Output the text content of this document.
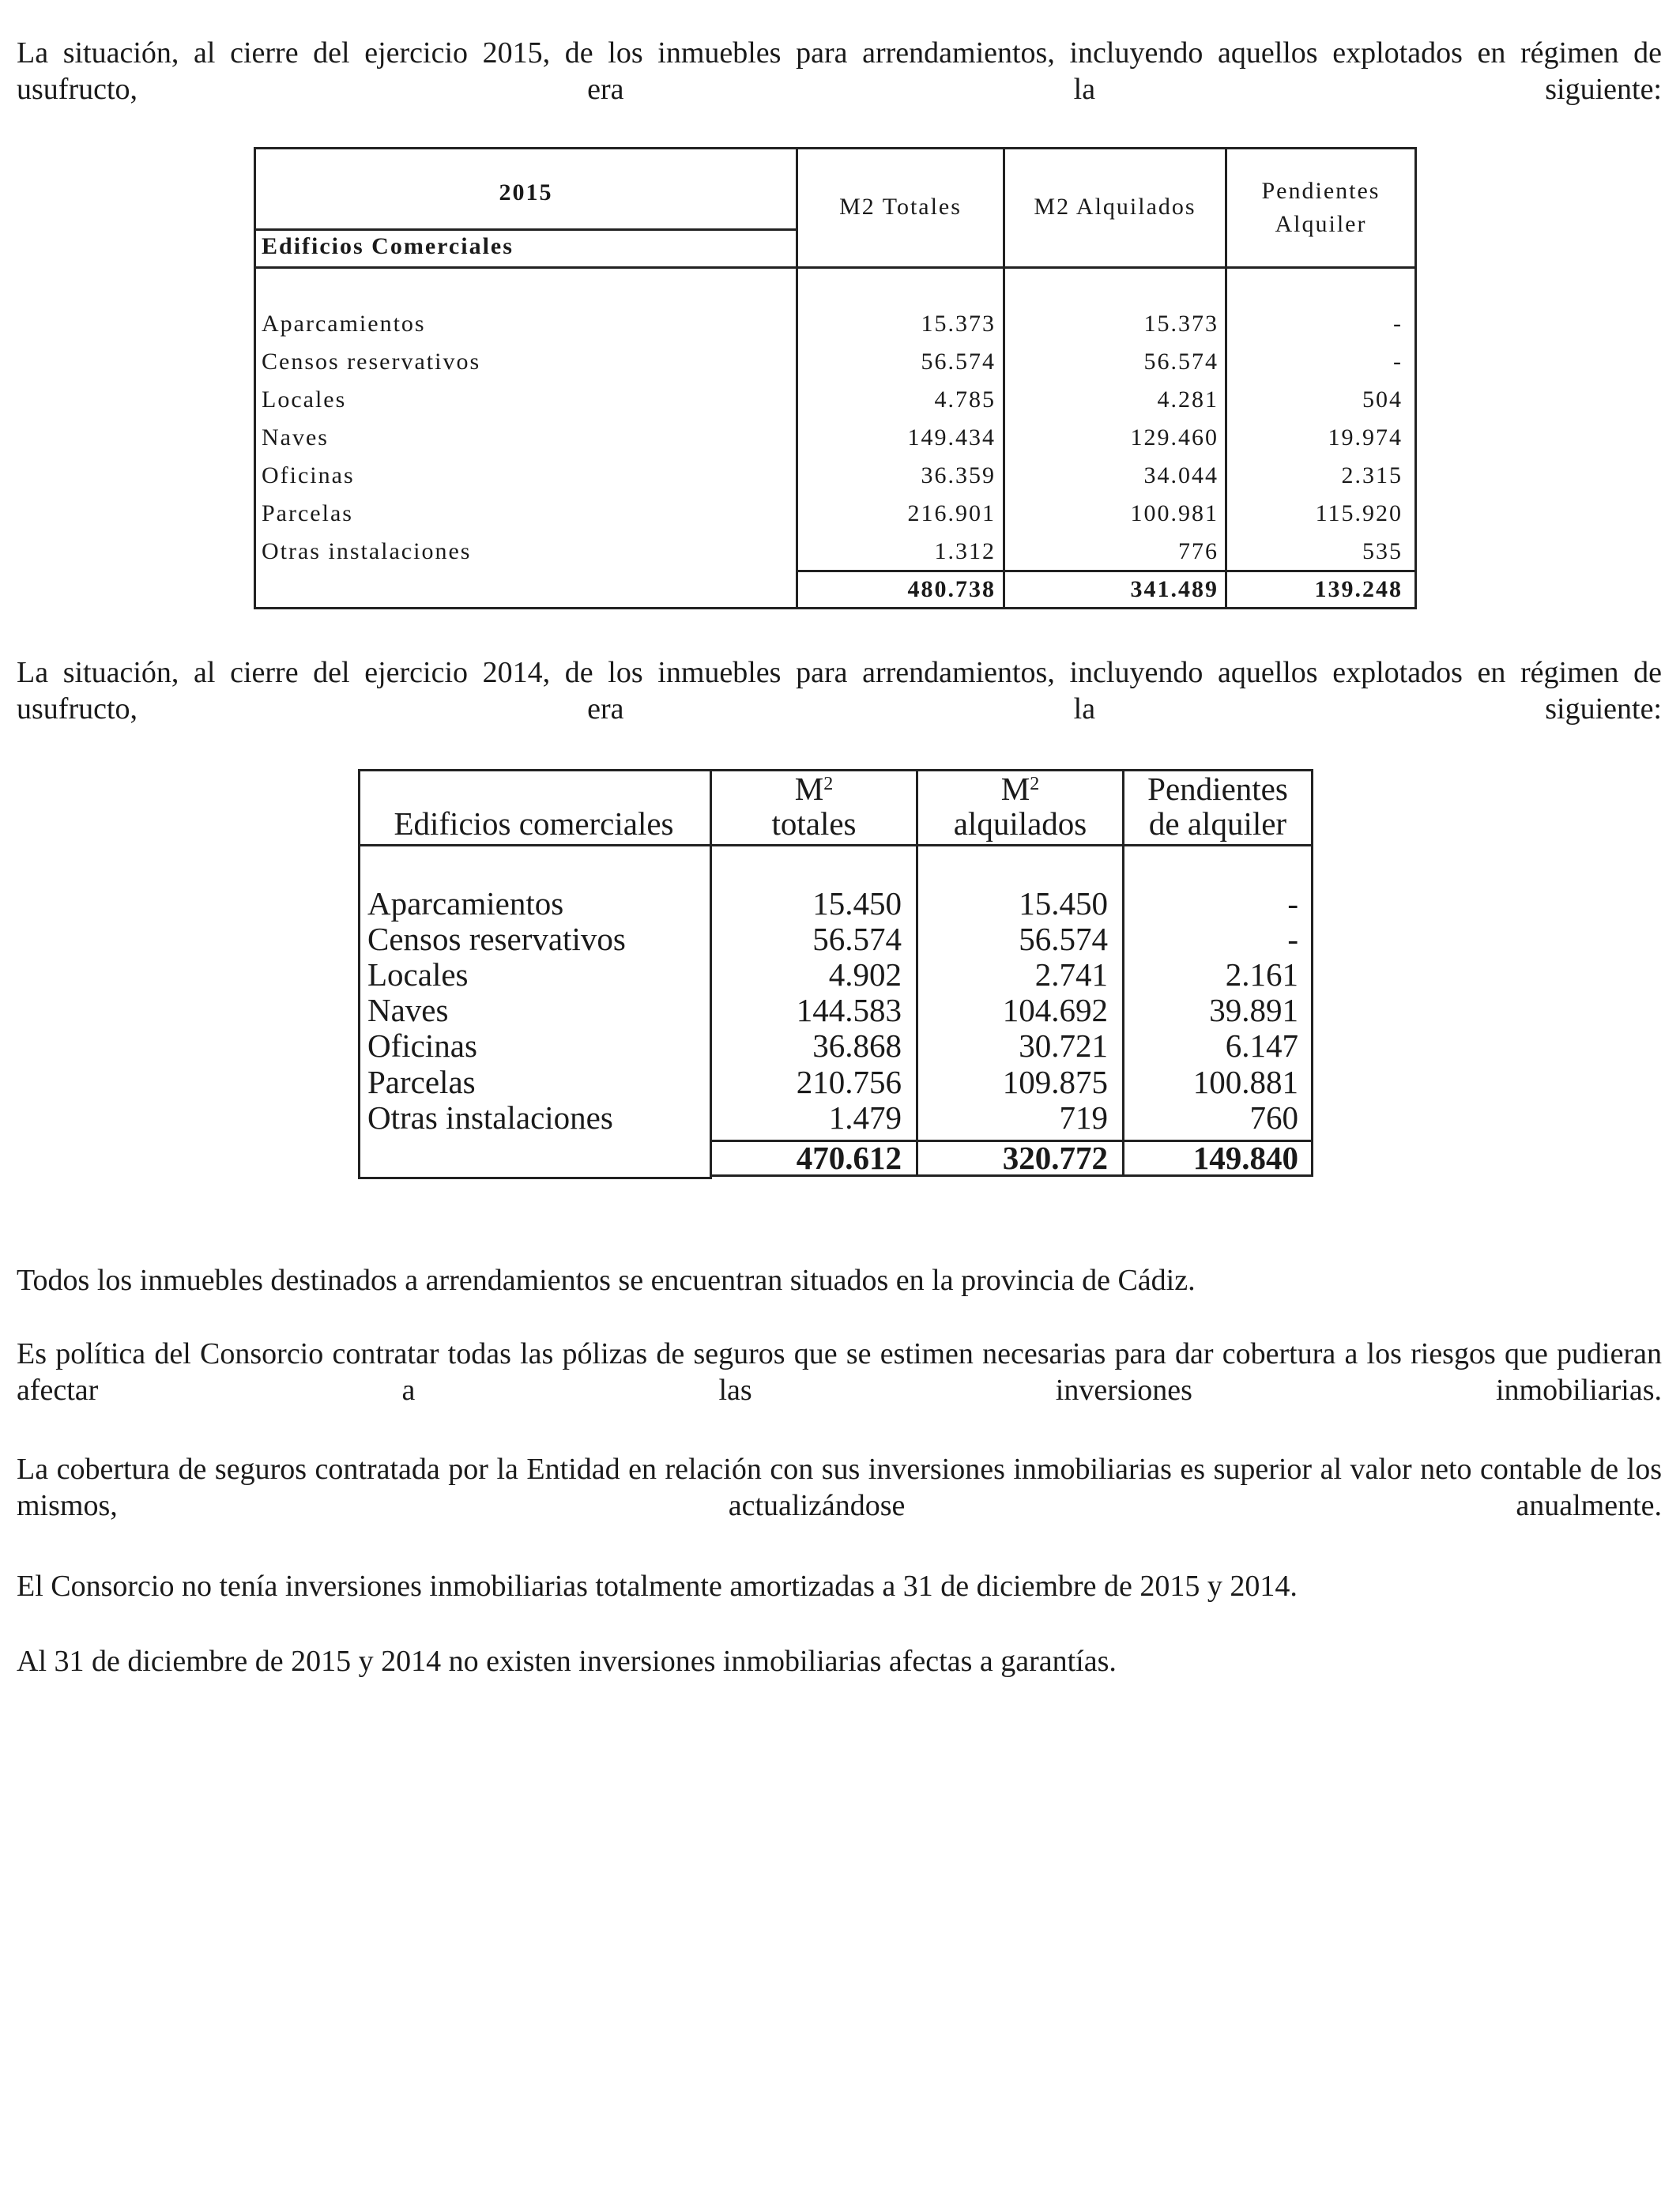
La situación, al cierre del ejercicio 2015, de los inmuebles para arrendamientos, incluyendo aquellos explotados en régimen de usufructo, era la siguiente:

2015
Edificios Comerciales
M2 Totales	M2 Alquilados
Pendientes
Alquiler
Aparcamientos	15.373	15.373	-
Censos reservativos	56.574	56.574	-
Locales	4.785	4.281	504
Naves	149.434	129.460	19.974
Oficinas	36.359	34.044	2.315
Parcelas	216.901	100.981	115.920
Otras instalaciones	1.312	776	535
480.738	341.489	139.248

La situación, al cierre del ejercicio 2014, de los inmuebles para arrendamientos, incluyendo aquellos explotados en régimen de usufructo, era la siguiente:

Edificios comerciales
$M^2$
totales
$M^2$
alquilados
Pendientes
de alquiler
Aparcamientos	15.450	15.450	-
Censos reservativos	56.574	56.574	-
Locales	4.902	2.741	2.161
Naves	144.583	104.692	39.891
Oficinas	36.868	30.721	6.147
Parcelas	210.756	109.875	100.881
Otras instalaciones	1.479	719	760
470.612	320.772	149.840

Todos los inmuebles destinados a arrendamientos se encuentran situados en la provincia de Cádiz.

Es política del Consorcio contratar todas las pólizas de seguros que se estimen necesarias para dar cobertura a los riesgos que pudieran afectar a las inversiones inmobiliarias.

La cobertura de seguros contratada por la Entidad en relación con sus inversiones inmobiliarias es superior al valor neto contable de los mismos, actualizándose anualmente.

El Consorcio no tenía inversiones inmobiliarias totalmente amortizadas a 31 de diciembre de 2015 y 2014.

Al 31 de diciembre de 2015 y 2014 no existen inversiones inmobiliarias afectas a garantías.
